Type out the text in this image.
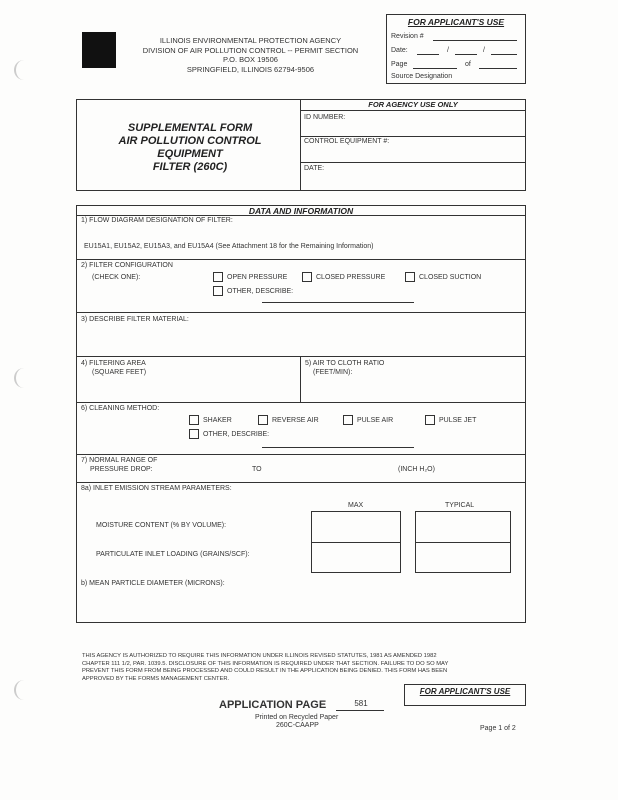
ILLINOIS ENVIRONMENTAL PROTECTION AGENCY
DIVISION OF AIR POLLUTION CONTROL -- PERMIT SECTION
P.O. BOX 19506
SPRINGFIELD, ILLINOIS 62794-9506
FOR APPLICANT'S USE
Revision #
Date:	/	/
Page	of
Source Designation
SUPPLEMENTAL FORM
AIR POLLUTION CONTROL
EQUIPMENT
FILTER (260C)
FOR AGENCY USE ONLY
ID NUMBER:
CONTROL EQUIPMENT #:
DATE:
DATA AND INFORMATION
1) FLOW DIAGRAM DESIGNATION OF FILTER:
EU15A1, EU15A2, EU15A3, and EU15A4 (See Attachment 18 for the Remaining Information)
2) FILTER CONFIGURATION
(CHECK ONE):	OPEN PRESSURE	CLOSED PRESSURE	CLOSED SUCTION
OTHER, DESCRIBE:
3) DESCRIBE FILTER MATERIAL:
4) FILTERING AREA
(SQUARE FEET)
5) AIR TO CLOTH RATIO
(FEET/MIN):
6) CLEANING METHOD:
SHAKER	REVERSE AIR	PULSE AIR	PULSE JET
OTHER, DESCRIBE:
7) NORMAL RANGE OF
PRESSURE DROP:	TO	(INCH H₂O)
8a) INLET EMISSION STREAM PARAMETERS:
MAX	TYPICAL
MOISTURE CONTENT (% BY VOLUME):
PARTICULATE INLET LOADING (GRAINS/SCF):
b) MEAN PARTICLE DIAMETER (MICRONS):
THIS AGENCY IS AUTHORIZED TO REQUIRE THIS INFORMATION UNDER ILLINOIS REVISED STATUTES, 1981 AS AMENDED 1982
CHAPTER 111 1/2, PAR. 1039.5. DISCLOSURE OF THIS INFORMATION IS REQUIRED UNDER THAT SECTION. FAILURE TO DO SO MAY
PREVENT THIS FORM FROM BEING PROCESSED AND COULD RESULT IN THE APPLICATION BEING DENIED. THIS FORM HAS BEEN
APPROVED BY THE FORMS MANAGEMENT CENTER.
APPLICATION PAGE	581
Printed on Recycled Paper
260C-CAAPP
FOR APPLICANT'S USE
Page 1 of 2
